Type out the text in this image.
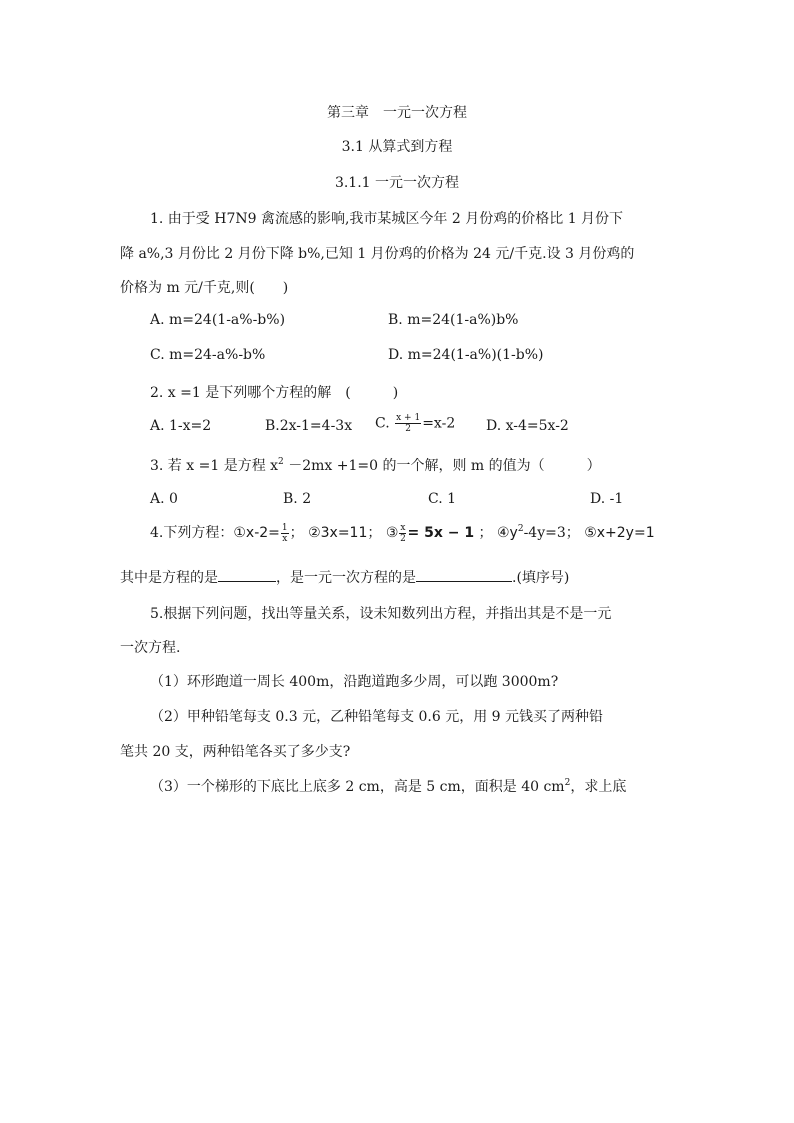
第三章　一元一次方程
3.1 从算式到方程
3.1.1 一元一次方程
1. 由于受 H7N9 禽流感的影响,我市某城区今年 2 月份鸡的价格比 1 月份下
降 a%,3 月份比 2 月份下降 b%,已知 1 月份鸡的价格为 24 元/千克.设 3 月份鸡的
价格为 m 元/千克,则(　　)
A. m=24(1-a%-b%)	B. m=24(1-a%)b%
C. m=24-a%-b%	D. m=24(1-a%)(1-b%)
2. x =1 是下列哪个方程的解　(　　　)
A. 1-x=2	B.2x-1=4-3x C. $\frac{x + 1}{2} =x-2$ D. x-4=5x-2
3. 若 x =1 是方程 $x^2 -2mx +1=0$ 的一个解，则 m 的值为（　　　）
A. 0	B. 2	C. 1	D. -1
4.下列方程：①x-2= $\frac{1}{x}$ ； ②3x=11； ③ $\frac{x}{2} = 5x - 1$ ； $④y^2-4y=3$； ⑤x+2y=1
其中是方程的是	，是一元一次方程的是	.(填序号)
5.根据下列问题，找出等量关系，设未知数列出方程，并指出其是不是一元
一次方程.
（1）环形跑道一周长 400m，沿跑道跑多少周，可以跑 3000m?
（2）甲种铅笔每支 0.3 元，乙种铅笔每支 0.6 元，用 9 元钱买了两种铅
笔共 20 支，两种铅笔各买了多少支?
（3）一个梯形的下底比上底多 2 cm，高是 5 cm，面积是 40 $cm^2$，求上底
